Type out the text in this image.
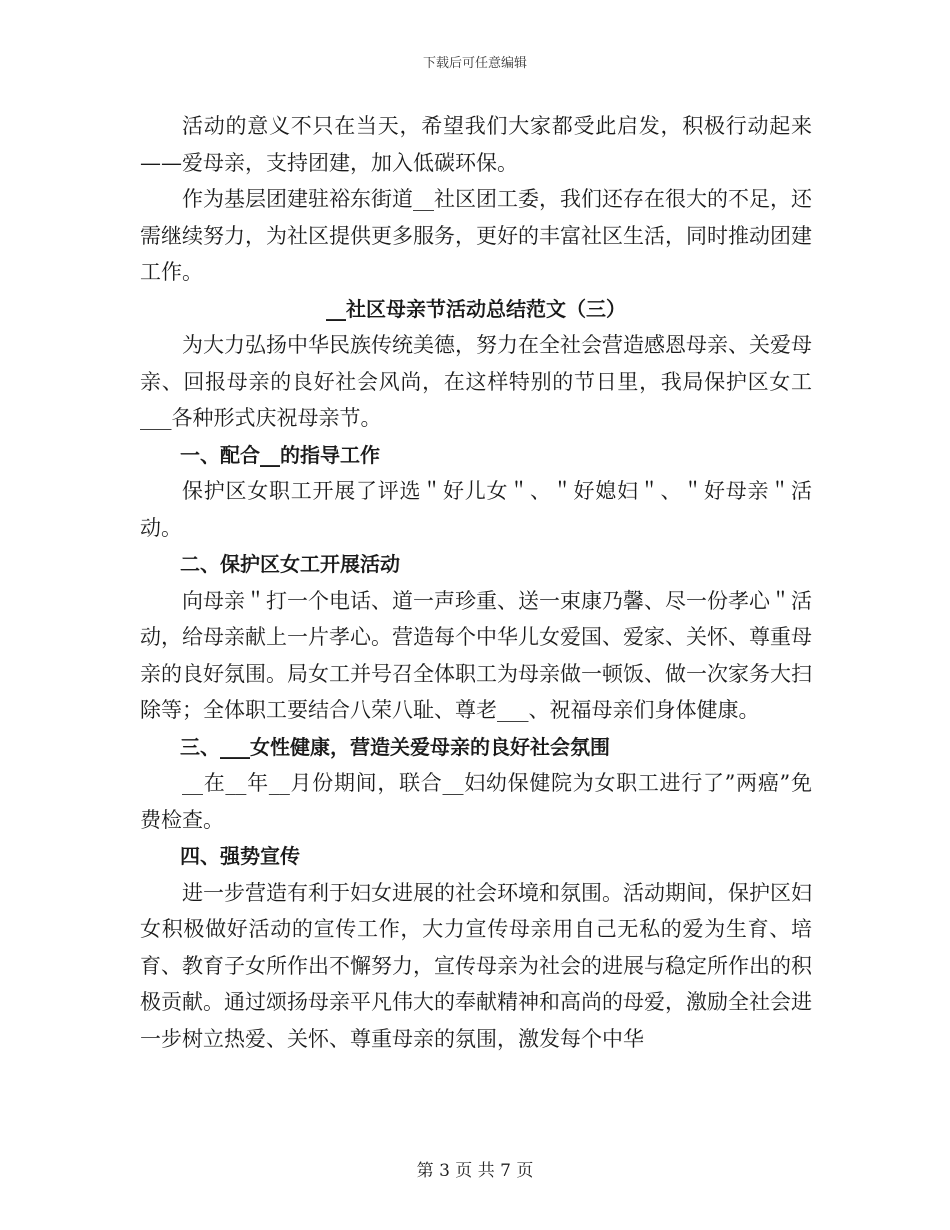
下载后可任意编辑

活动的意义不只在当天，希望我们大家都受此启发，积极行动起来——爱母亲，支持团建，加入低碳环保。

作为基层团建驻裕东街道__社区团工委，我们还存在很大的不足，还需继续努力，为社区提供更多服务，更好的丰富社区生活，同时推动团建工作。

__社区母亲节活动总结范文（三）

为大力弘扬中华民族传统美德，努力在全社会营造感恩母亲、关爱母亲、回报母亲的良好社会风尚，在这样特别的节日里，我局保护区女工___各种形式庆祝母亲节。

一、配合__的指导工作

保护区女职工开展了评选＂好儿女＂、＂好媳妇＂、＂好母亲＂活动。

二、保护区女工开展活动

向母亲＂打一个电话、道一声珍重、送一束康乃馨、尽一份孝心＂活动，给母亲献上一片孝心。营造每个中华儿女爱国、爱家、关怀、尊重母亲的良好氛围。局女工并号召全体职工为母亲做一顿饭、做一次家务大扫除等；全体职工要结合八荣八耻、尊老___、祝福母亲们身体健康。

三、___女性健康，营造关爱母亲的良好社会氛围

__在__年__月份期间，联合__妇幼保健院为女职工进行了”两癌”免费检查。

四、强势宣传

进一步营造有利于妇女进展的社会环境和氛围。活动期间，保护区妇女积极做好活动的宣传工作，大力宣传母亲用自己无私的爱为生育、培育、教育子女所作出不懈努力，宣传母亲为社会的进展与稳定所作出的积极贡献。通过颂扬母亲平凡伟大的奉献精神和高尚的母爱，激励全社会进一步树立热爱、关怀、尊重母亲的氛围，激发每个中华

第 3 页 共 7 页
